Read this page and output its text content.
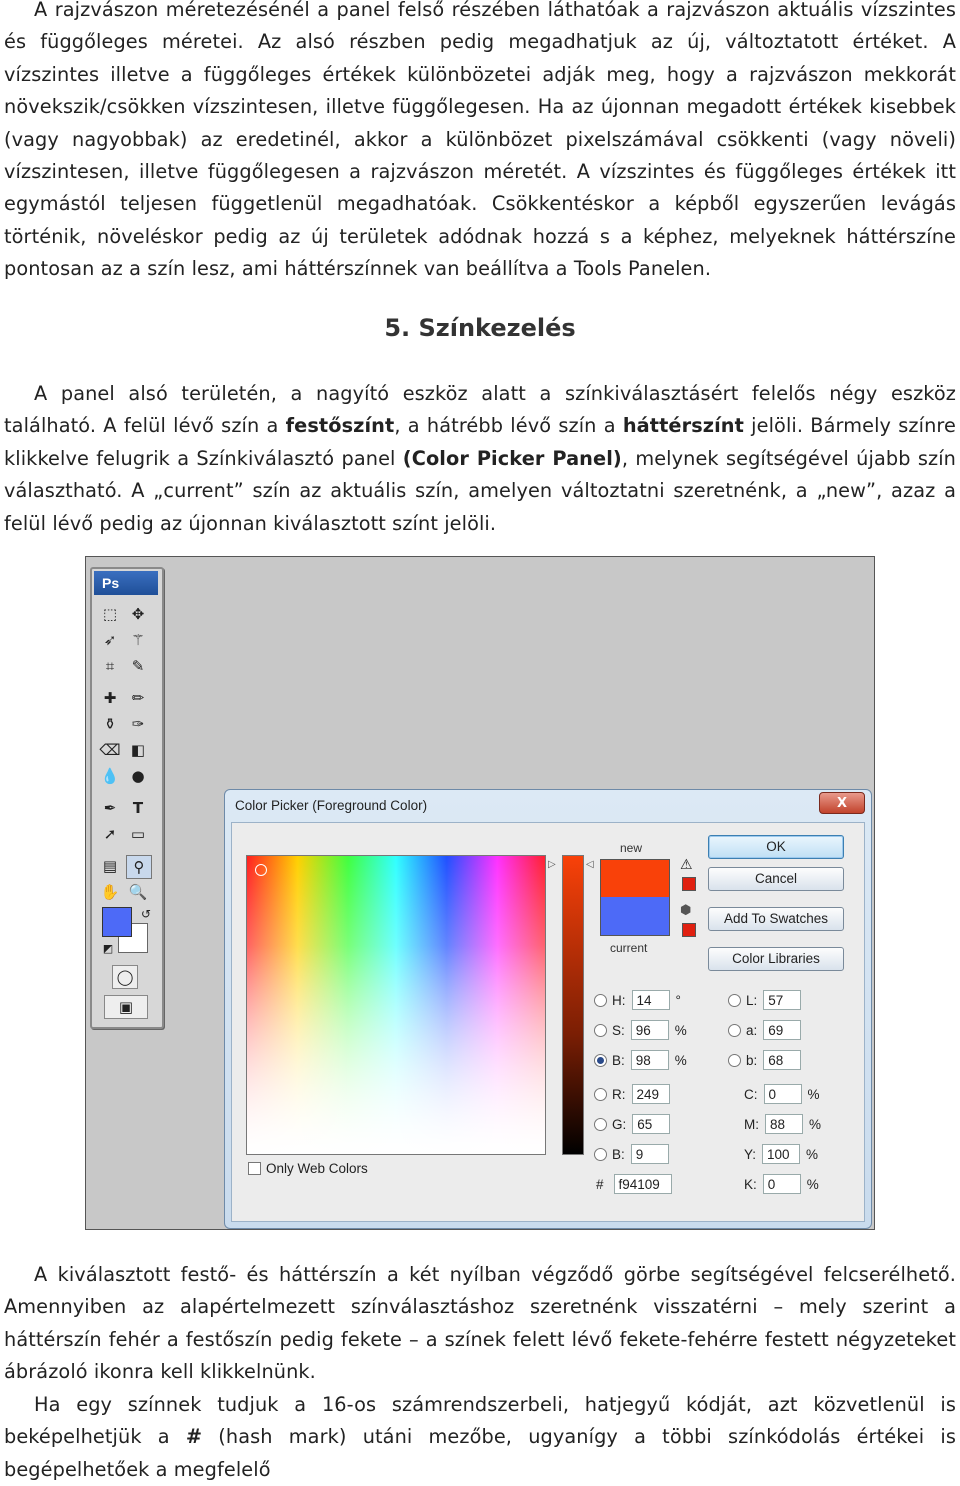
A rajzvászon méretezésénél a panel felső részében láthatóak a rajzvászon aktuális vízszintes és függőleges méretei. Az alsó részben pedig megadhatjuk az új, változtatott értéket. A vízszintes illetve a függőleges értékek különbözetei adják meg, hogy a rajzvászon mekkorát növekszik/csökken vízszintesen, illetve függőlegesen. Ha az újonnan megadott értékek kisebbek (vagy nagyobbak) az eredetinél, akkor a különbözet pixelszámával csökkenti (vagy növeli) vízszintesen, illetve függőlegesen a rajzvászon méretét. A vízszintes és függőleges értékek itt egymástól teljesen függetlenül megadhatóak. Csökkentéskor a képből egyszerűen levágás történik, növeléskor pedig az új területek adódnak hozzá s a képhez, melyeknek háttérszíne pontosan az a szín lesz, ami háttérszínnek van beállítva a Tools Panelen.
5. Színkezelés
A panel alsó területén, a nagyító eszköz alatt a színkiválasztásért felelős négy eszköz található. A felül lévő szín a festőszínt, a hátrébb lévő szín a háttérszínt jelöli. Bármely színre klikkelve felugrik a Színkiválasztó panel (Color Picker Panel), melynek segítségével újabb szín választható. A „current” szín az aktuális szín, amelyen változtatni szeretnénk, a „new”, azaz a felül lévő pedig az újonnan kiválasztott színt jelöli.
Ps
⬚ ✥
➶ ⚚
⌗	✎
✚	✏
⚱	✑
⌫ ◧
💧 ●
✒	T
➚ ▭
▤	⚲
✋ 🔍
↺
◩
◯
▣
Color Picker (Foreground Color)	X
▷	◁
new
current
⚠
⬢
OK
Cancel
Add To Swatches
Color Libraries
H: 14	°
S: 96	%
B: 98	%
R: 249
G: 65
B: 9
#	f94109
L: 57
a: 69
b: 68
C: 0	%
M: 88	%
Y: 100	%
K: 0	%
Only Web Colors
A kiválasztott festő- és háttérszín a két nyílban végződő görbe segítségével felcserélhető. Amennyiben az alapértelmezett színválasztáshoz szeretnénk visszatérni – mely szerint a háttérszín fehér a festőszín pedig fekete – a színek felett lévő fekete-fehérre festett négyzeteket ábrázoló ikonra kell klikkelnünk.
Ha egy színnek tudjuk a 16-os számrendszerbeli, hatjegyű kódját, azt közvetlenül is beképelhetjük a # (hash mark) utáni mezőbe, ugyanígy a többi színkódolás értékei is begépelhetőek a megfelelő
